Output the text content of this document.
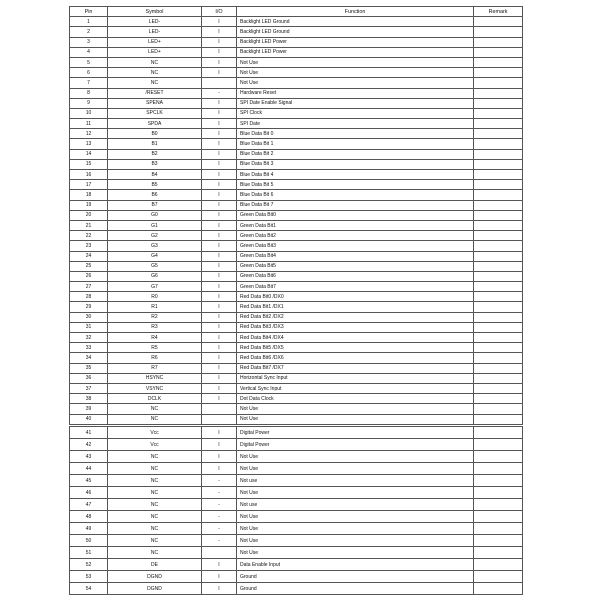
Pin	Symbol	I/O	Function	Remark
1	LED-	I	Backlight LED Ground	
2	LED-	I	Backlight LED Ground	
3	LED+	I	Backlight LED Power	
4	LED+	I	Backlight LED Power	
5	NC	I	Not Use	
6	NC	I	Not Use	
7	NC		Not Use	
8	/RESET	-	Hardware Reset	
9	SPENA	I	SPI Date Enable Signal	
10	SPCLK	I	SPI Clock	
11	SPDA	I	SPI Date	
12	B0	I	Blue Data Bit 0	
13	B1	I	Blue Data Bit 1	
14	B2	I	Blue Data Bit 2	
15	B3	I	Blue Data Bit 3	
16	B4	I	Blue Data Bit 4	
17	B5	I	Blue Data Bit 5	
18	B6	I	Blue Data Bit 6	
19	B7	I	Blue Data Bit 7	
20	G0	I	Green Data Bit0	
21	G1	I	Green Data Bit1	
22	G2	I	Green Data Bit2	
23	G3	I	Green Data Bit3	
24	G4	I	Green Data Bit4	
25	G5	I	Green Data Bit5	
26	G6	I	Green Data Bit6	
27	G7	I	Green Data Bit7	
28	R0	I	Red Data Bit0 /DX0	
29	R1	I	Red Data Bit1 /DX1	
30	R2	I	Red Data Bit2 /DX2	
31	R3	I	Red Data Bit3 /DX3	
32	R4	I	Red Data Bit4 /DX4	
33	R5	I	Red Data Bit5 /DX5	
34	R6	I	Red Data Bit6 /DX6	
35	R7	I	Red Data Bit7 /DX7	
36	HSYNC	I	Horizontal Sync Input	
37	VSYNC	I	Vertical Sync Input	
38	DCLK	I	Dot Data Clock	
39	NC		Not Use	
40	NC		Not Use	
41	Vcc	I	Digital Power	
42	Vcc	I	Digital Power	
43	NC	I	Not Use	
44	NC	I	Not Use	
45	NC	-	Not use	
46	NC	-	Not Use	
47	NC	-	Not use	
48	NC	-	Not Use	
49	NC	-	Not Use	
50	NC	-	Not Use	
51	NC		Not Use	
52	DE	I	Data Enable Input	
53	DGND	I	Ground	
54	DGND	I	Ground	
